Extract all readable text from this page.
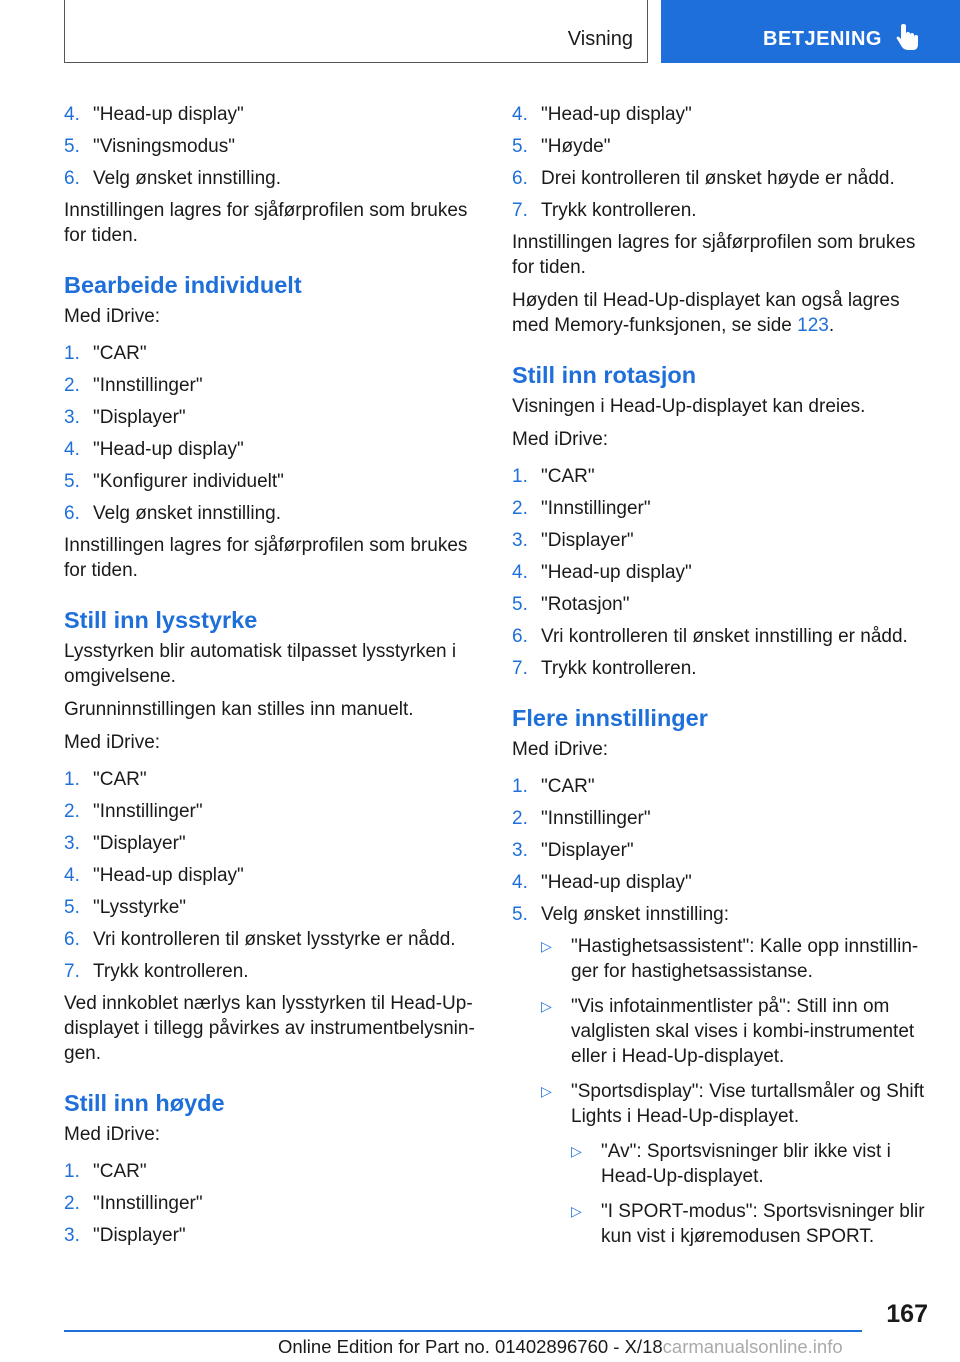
Visning	BETJENING
4. "Head-up display"
5. "Visningsmodus"
6. Velg ønsket innstilling.

Innstillingen lagres for sjåførprofilen som brukes for tiden.

Bearbeide individuelt

Med iDrive:

1. "CAR"
2. "Innstillinger"
3. "Displayer"
4. "Head-up display"
5. "Konfigurer individuelt"
6. Velg ønsket innstilling.

Innstillingen lagres for sjåførprofilen som brukes for tiden.

Still inn lysstyrke

Lysstyrken blir automatisk tilpasset lysstyrken i omgivelsene.

Grunninnstillingen kan stilles inn manuelt.

Med iDrive:

1. "CAR"
2. "Innstillinger"
3. "Displayer"
4. "Head-up display"
5. "Lysstyrke"
6. Vri kontrolleren til ønsket lysstyrke er nådd.
7. Trykk kontrolleren.

Ved innkoblet nærlys kan lysstyrken til Head-Up-displayet i tillegg påvirkes av instrumentbelysnin‐gen.

Still inn høyde

Med iDrive:

1. "CAR"
2. "Innstillinger"
3. "Displayer"
4. "Head-up display"
5. "Høyde"
6. Drei kontrolleren til ønsket høyde er nådd.
7. Trykk kontrolleren.

Innstillingen lagres for sjåførprofilen som brukes for tiden.

Høyden til Head-Up-displayet kan også lagres med Memory-funksjonen, se side 123.

Still inn rotasjon

Visningen i Head-Up-displayet kan dreies.

Med iDrive:

1. "CAR"
2. "Innstillinger"
3. "Displayer"
4. "Head-up display"
5. "Rotasjon"
6. Vri kontrolleren til ønsket innstilling er nådd.
7. Trykk kontrolleren.
Flere innstillinger

Med iDrive:

1. "CAR"
2. "Innstillinger"
3. "Displayer"
4. "Head-up display"
5. Velg ønsket innstilling:
▷	"Hastighetsassistent": Kalle opp innstillin‐ger for hastighetsassistanse.
▷	"Vis infotainmentlister på": Still inn om valglisten skal vises i kombi-instrumentet eller i Head-Up-displayet.
▷	"Sportsdisplay": Vise turtallsmåler og Shift Lights i Head-Up-displayet.
▷	"Av": Sportsvisninger blir ikke vist i Head-Up-displayet.
▷	"I SPORT-modus": Sportsvisninger blir kun vist i kjøremodusen SPORT.
167
Online Edition for Part no. 01402896760 - X/18carmanualsonline.info
